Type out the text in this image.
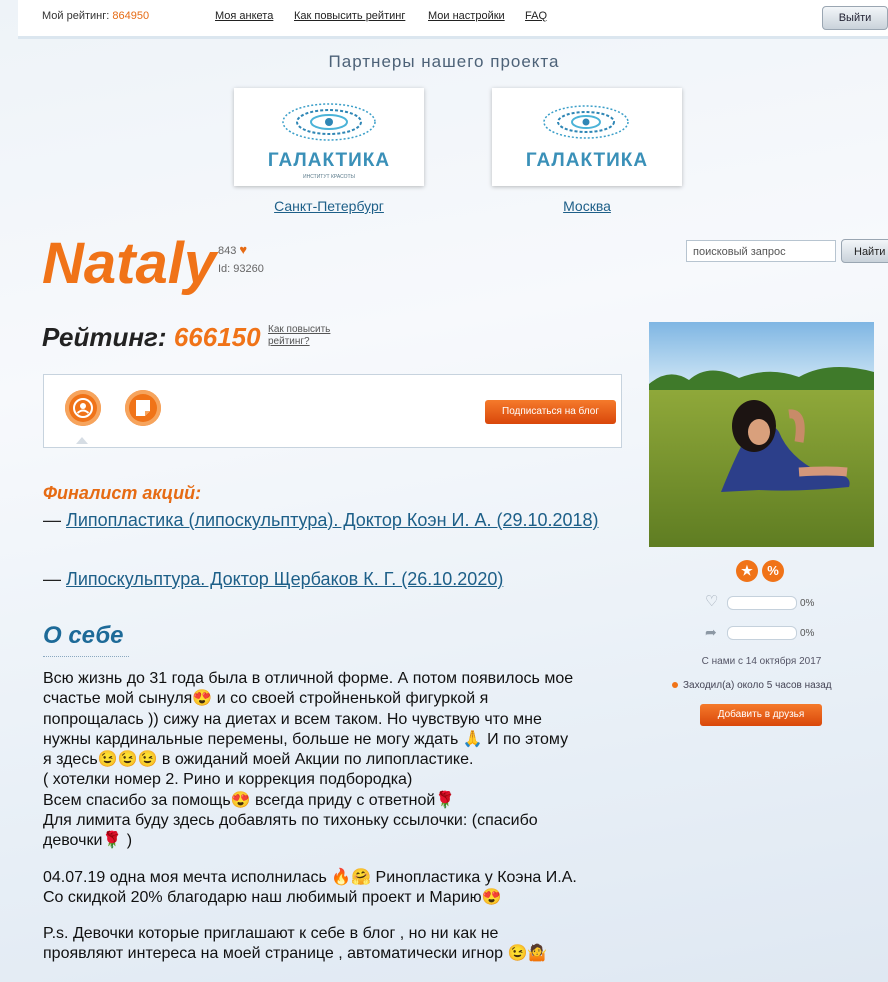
Мой рейтинг: 864950	Моя анкета Как повысить рейтинг Мои настройки FAQ	Выйти
Партнеры нашего проекта
ГАЛАКТИКА
ИНСТИТУТ КРАСОТЫ
Санкт-Петербург
ГАЛАКТИКА
Москва
Nataly 843 ♥
Id: 93260
поисковый запрос	Найти
Рейтинг: 666150 Как повысить рейтинг?
Подписаться на блог
Финалист акций:
— Липопластика (липоскульптура). Доктор Коэн И. А. (29.10.2018)
— Липоскульптура. Доктор Щербаков К. Г. (26.10.2020)
О себе
Всю жизнь до 31 года была в отличной форме. А потом появилось мое
счастье мой сынуля😍 и со своей стройненькой фигуркой я
попрощалась )) сижу на диетах и всем таком. Но чувствую что мне
нужны кардинальные перемены, больше не могу ждать 🙏 И по этому
я здесь😉😉😉 в ожиданий моей Акции по липопластике.
( хотелки номер 2. Рино и коррекция подбородка)
Всем спасибо за помощь😍 всегда приду с ответной🌹
Для лимита буду здесь добавлять по тихоньку ссылочки: (спасибо
девочки🌹 )
04.07.19 одна моя мечта исполнилась 🔥🤗 Ринопластика у Коэна И.А.
Со скидкой 20% благодарю наш любимый проект и Марию😍
P.s. Девочки которые приглашают к себе в блог , но ни как не
проявляют интереса на моей странице , автоматически игнор 😉🤷
★	%
♡	0%
➦	0%
С нами с 14 октября 2017
Заходил(а) около 5 часов назад
Добавить в друзья
